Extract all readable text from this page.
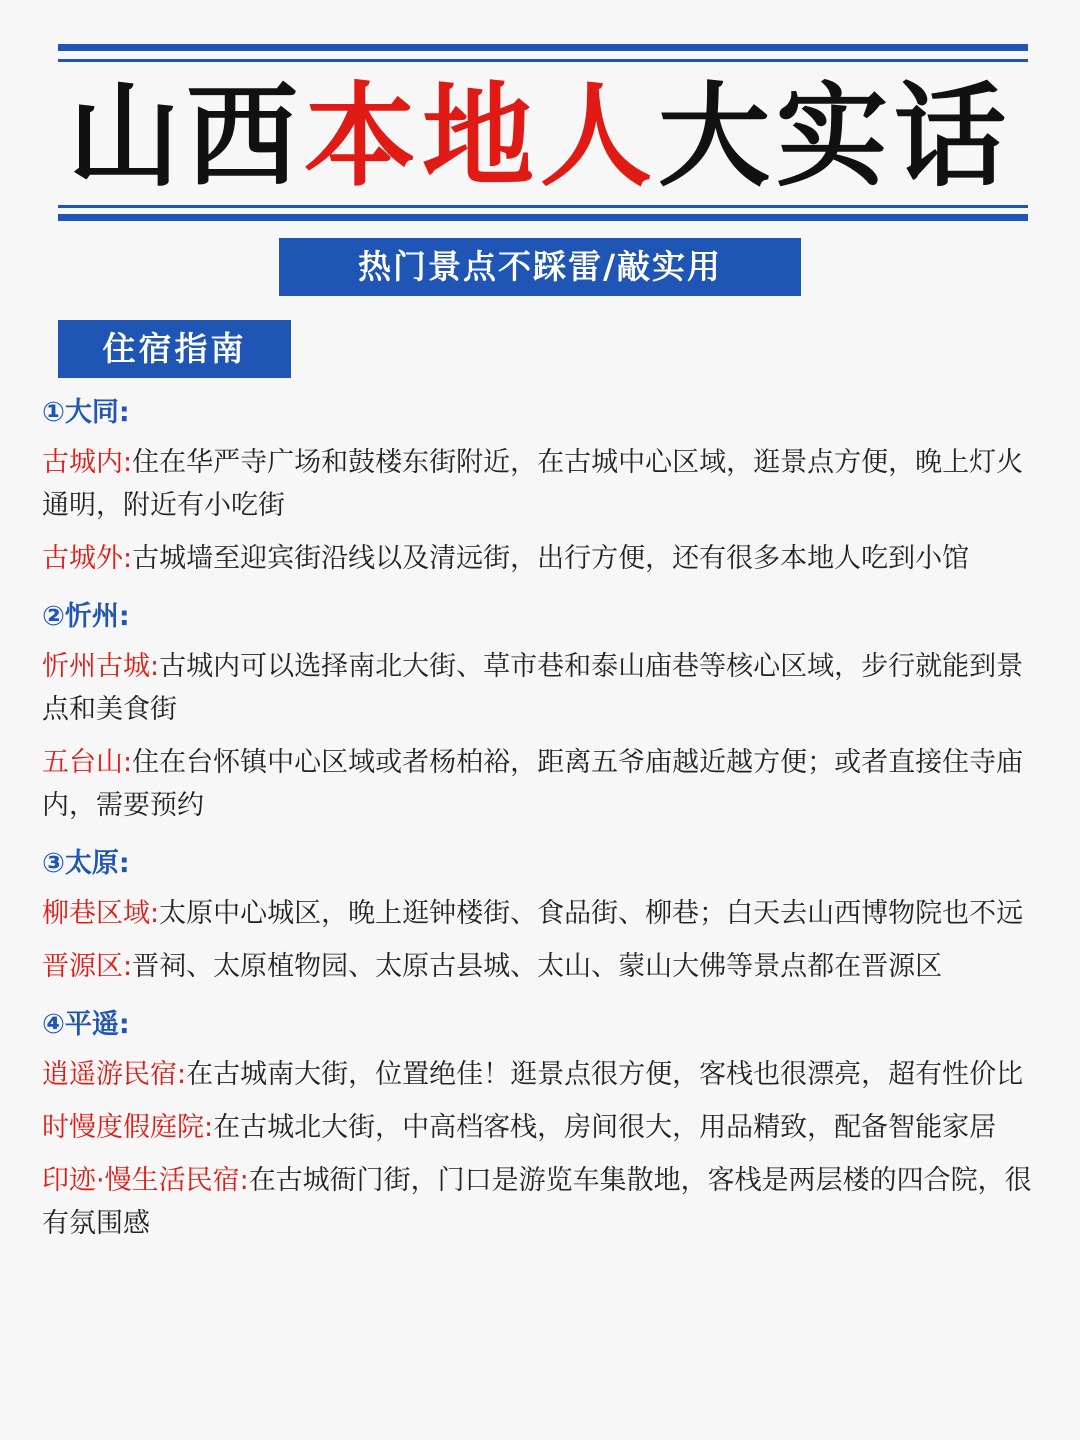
山西本地人大实话
热门景点不踩雷/敲实用
住宿指南
①大同:
古城内:住在华严寺广场和鼓楼东街附近，在古城中心区域，逛景点方便，晚上灯火通明，附近有小吃街
古城外:古城墙至迎宾街沿线以及清远街，出行方便，还有很多本地人吃到小馆
②忻州:
忻州古城:古城内可以选择南北大街、草市巷和泰山庙巷等核心区域，步行就能到景点和美食街
五台山:住在台怀镇中心区域或者杨柏裕，距离五爷庙越近越方便；或者直接住寺庙内，需要预约
③太原:
柳巷区域:太原中心城区，晚上逛钟楼街、食品街、柳巷；白天去山西博物院也不远
晋源区:晋祠、太原植物园、太原古县城、太山、蒙山大佛等景点都在晋源区
④平遥:
逍遥游民宿:在古城南大街，位置绝佳！逛景点很方便，客栈也很漂亮，超有性价比
时慢度假庭院:在古城北大街，中高档客栈，房间很大，用品精致，配备智能家居
印迹·慢生活民宿:在古城衙门街，门口是游览车集散地，客栈是两层楼的四合院，很有氛围感
